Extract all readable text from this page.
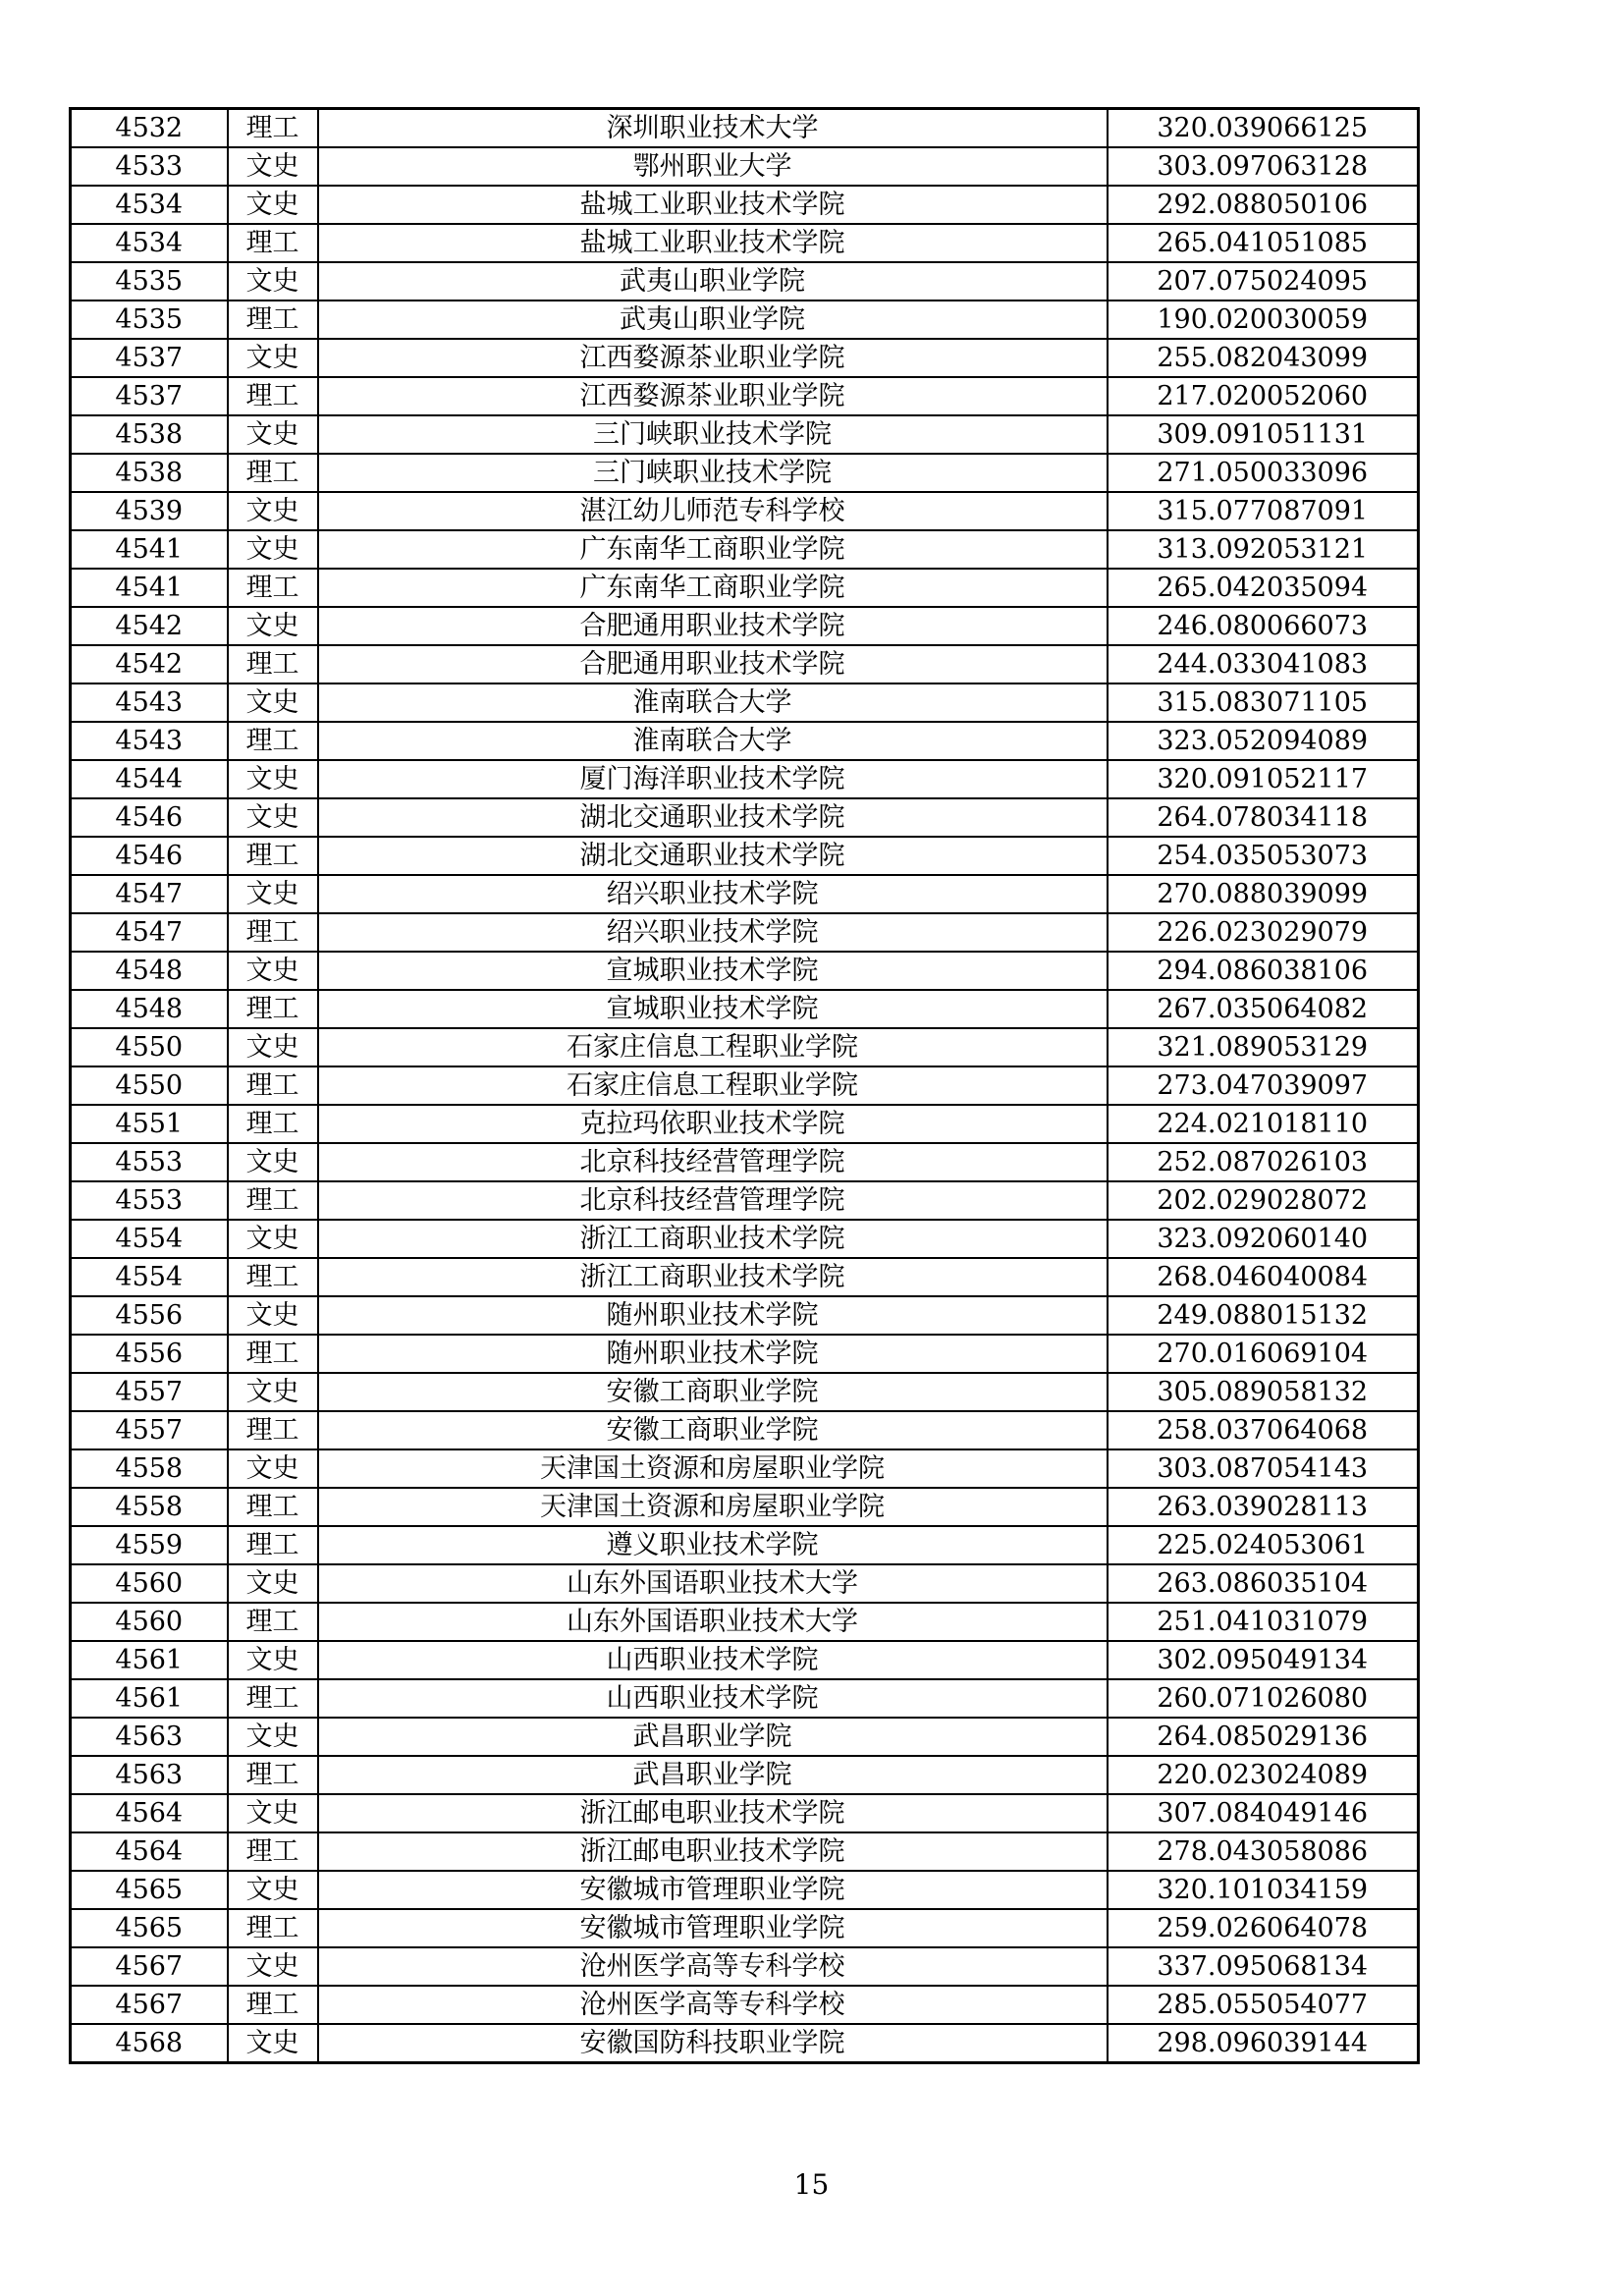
4532	理工	深圳职业技术大学	320.039066125
4533	文史	鄂州职业大学	303.097063128
4534	文史	盐城工业职业技术学院	292.088050106
4534	理工	盐城工业职业技术学院	265.041051085
4535	文史	武夷山职业学院	207.075024095
4535	理工	武夷山职业学院	190.020030059
4537	文史	江西婺源茶业职业学院	255.082043099
4537	理工	江西婺源茶业职业学院	217.020052060
4538	文史	三门峡职业技术学院	309.091051131
4538	理工	三门峡职业技术学院	271.050033096
4539	文史	湛江幼儿师范专科学校	315.077087091
4541	文史	广东南华工商职业学院	313.092053121
4541	理工	广东南华工商职业学院	265.042035094
4542	文史	合肥通用职业技术学院	246.080066073
4542	理工	合肥通用职业技术学院	244.033041083
4543	文史	淮南联合大学	315.083071105
4543	理工	淮南联合大学	323.052094089
4544	文史	厦门海洋职业技术学院	320.091052117
4546	文史	湖北交通职业技术学院	264.078034118
4546	理工	湖北交通职业技术学院	254.035053073
4547	文史	绍兴职业技术学院	270.088039099
4547	理工	绍兴职业技术学院	226.023029079
4548	文史	宣城职业技术学院	294.086038106
4548	理工	宣城职业技术学院	267.035064082
4550	文史	石家庄信息工程职业学院	321.089053129
4550	理工	石家庄信息工程职业学院	273.047039097
4551	理工	克拉玛依职业技术学院	224.021018110
4553	文史	北京科技经营管理学院	252.087026103
4553	理工	北京科技经营管理学院	202.029028072
4554	文史	浙江工商职业技术学院	323.092060140
4554	理工	浙江工商职业技术学院	268.046040084
4556	文史	随州职业技术学院	249.088015132
4556	理工	随州职业技术学院	270.016069104
4557	文史	安徽工商职业学院	305.089058132
4557	理工	安徽工商职业学院	258.037064068
4558	文史	天津国土资源和房屋职业学院	303.087054143
4558	理工	天津国土资源和房屋职业学院	263.039028113
4559	理工	遵义职业技术学院	225.024053061
4560	文史	山东外国语职业技术大学	263.086035104
4560	理工	山东外国语职业技术大学	251.041031079
4561	文史	山西职业技术学院	302.095049134
4561	理工	山西职业技术学院	260.071026080
4563	文史	武昌职业学院	264.085029136
4563	理工	武昌职业学院	220.023024089
4564	文史	浙江邮电职业技术学院	307.084049146
4564	理工	浙江邮电职业技术学院	278.043058086
4565	文史	安徽城市管理职业学院	320.101034159
4565	理工	安徽城市管理职业学院	259.026064078
4567	文史	沧州医学高等专科学校	337.095068134
4567	理工	沧州医学高等专科学校	285.055054077
4568	文史	安徽国防科技职业学院	298.096039144
15
